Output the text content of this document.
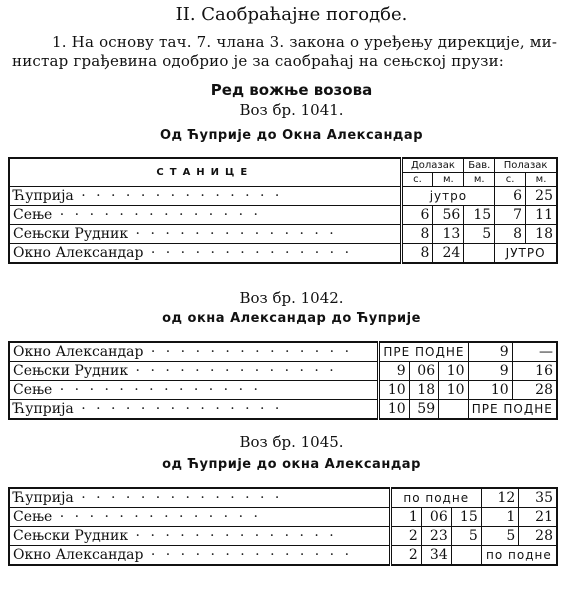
II. Саобраћајне погодбе.
1. На основу тач. 7. члана 3. закона о уређењу дирекције, ми-
нистар грађевина одобрио је за саобраћај на сењској прузи:
Ред вожње возова
Воз бр. 1041.
Од Ћуприје до Окна Александар
СТАНИЦЕ	Долазак		Бав.	Полазак	
	с.	м.	м.	с.	м.
Ћуприја · · · · · · · · · · · · · ·	јутро			6	25
Сење · · · · · · · · · · · · · ·	6	56	15	7	11
Сењски Рудник · · · · · · · · · · · · · ·	8	13	5	8	18
Окно Александар · · · · · · · · · · · · · ·	8	24		ЈУТРО	
Воз бр. 1042.
од окна Александар до Ћуприје
Окно Александар · · · · · · · · · · · · · ·	ПРЕ ПОДНЕ			9	—
Сењски Рудник · · · · · · · · · · · · · ·	9	06	10	9	16
Сење · · · · · · · · · · · · · ·	10	18	10	10	28
Ћуприја · · · · · · · · · · · · · ·	10	59		ПРЕ ПОДНЕ	
Воз бр. 1045.
од Ћуприје до окна Александар
Ћуприја · · · · · · · · · · · · · ·	по подне			12	35
Сење · · · · · · · · · · · · · ·	1	06	15	1	21
Сењски Рудник · · · · · · · · · · · · · ·	2	23	5	5	28
Окно Александар · · · · · · · · · · · · · ·	2	34		по подне	
